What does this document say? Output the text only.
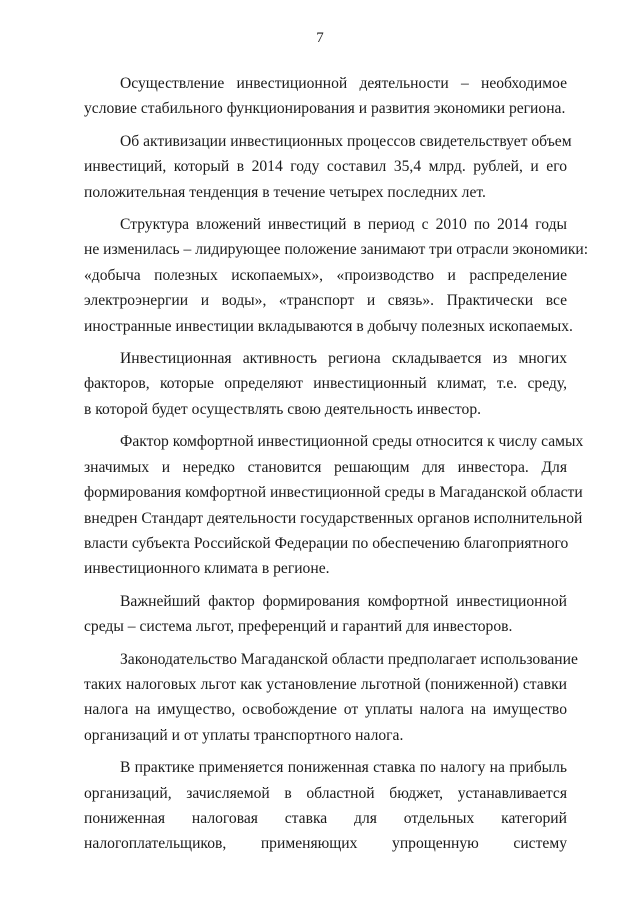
7
Осуществление инвестиционной деятельности – необходимое
условие стабильного функционирования и развития экономики региона.
Об активизации инвестиционных процессов свидетельствует объем
инвестиций, который в 2014 году составил 35,4 млрд. рублей, и его
положительная тенденция в течение четырех последних лет.
Структура вложений инвестиций в период с 2010 по 2014 годы
не изменилась – лидирующее положение занимают три отрасли экономики:
«добыча полезных ископаемых», «производство и распределение
электроэнергии и воды», «транспорт и связь». Практически все
иностранные инвестиции вкладываются в добычу полезных ископаемых.
Инвестиционная активность региона складывается из многих
факторов, которые определяют инвестиционный климат, т.е. среду,
в которой будет осуществлять свою деятельность инвестор.
Фактор комфортной инвестиционной среды относится к числу самых
значимых и нередко становится решающим для инвестора. Для
формирования комфортной инвестиционной среды в Магаданской области
внедрен Стандарт деятельности государственных органов исполнительной
власти субъекта Российской Федерации по обеспечению благоприятного
инвестиционного климата в регионе.
Важнейший фактор формирования комфортной инвестиционной
среды – система льгот, преференций и гарантий для инвесторов.
Законодательство Магаданской области предполагает использование
таких налоговых льгот как установление льготной (пониженной) ставки
налога на имущество, освобождение от уплаты налога на имущество
организаций и от уплаты транспортного налога.
В практике применяется пониженная ставка по налогу на прибыль
организаций, зачисляемой в областной бюджет, устанавливается
пониженная налоговая ставка для отдельных категорий
налогоплательщиков, применяющих упрощенную систему
